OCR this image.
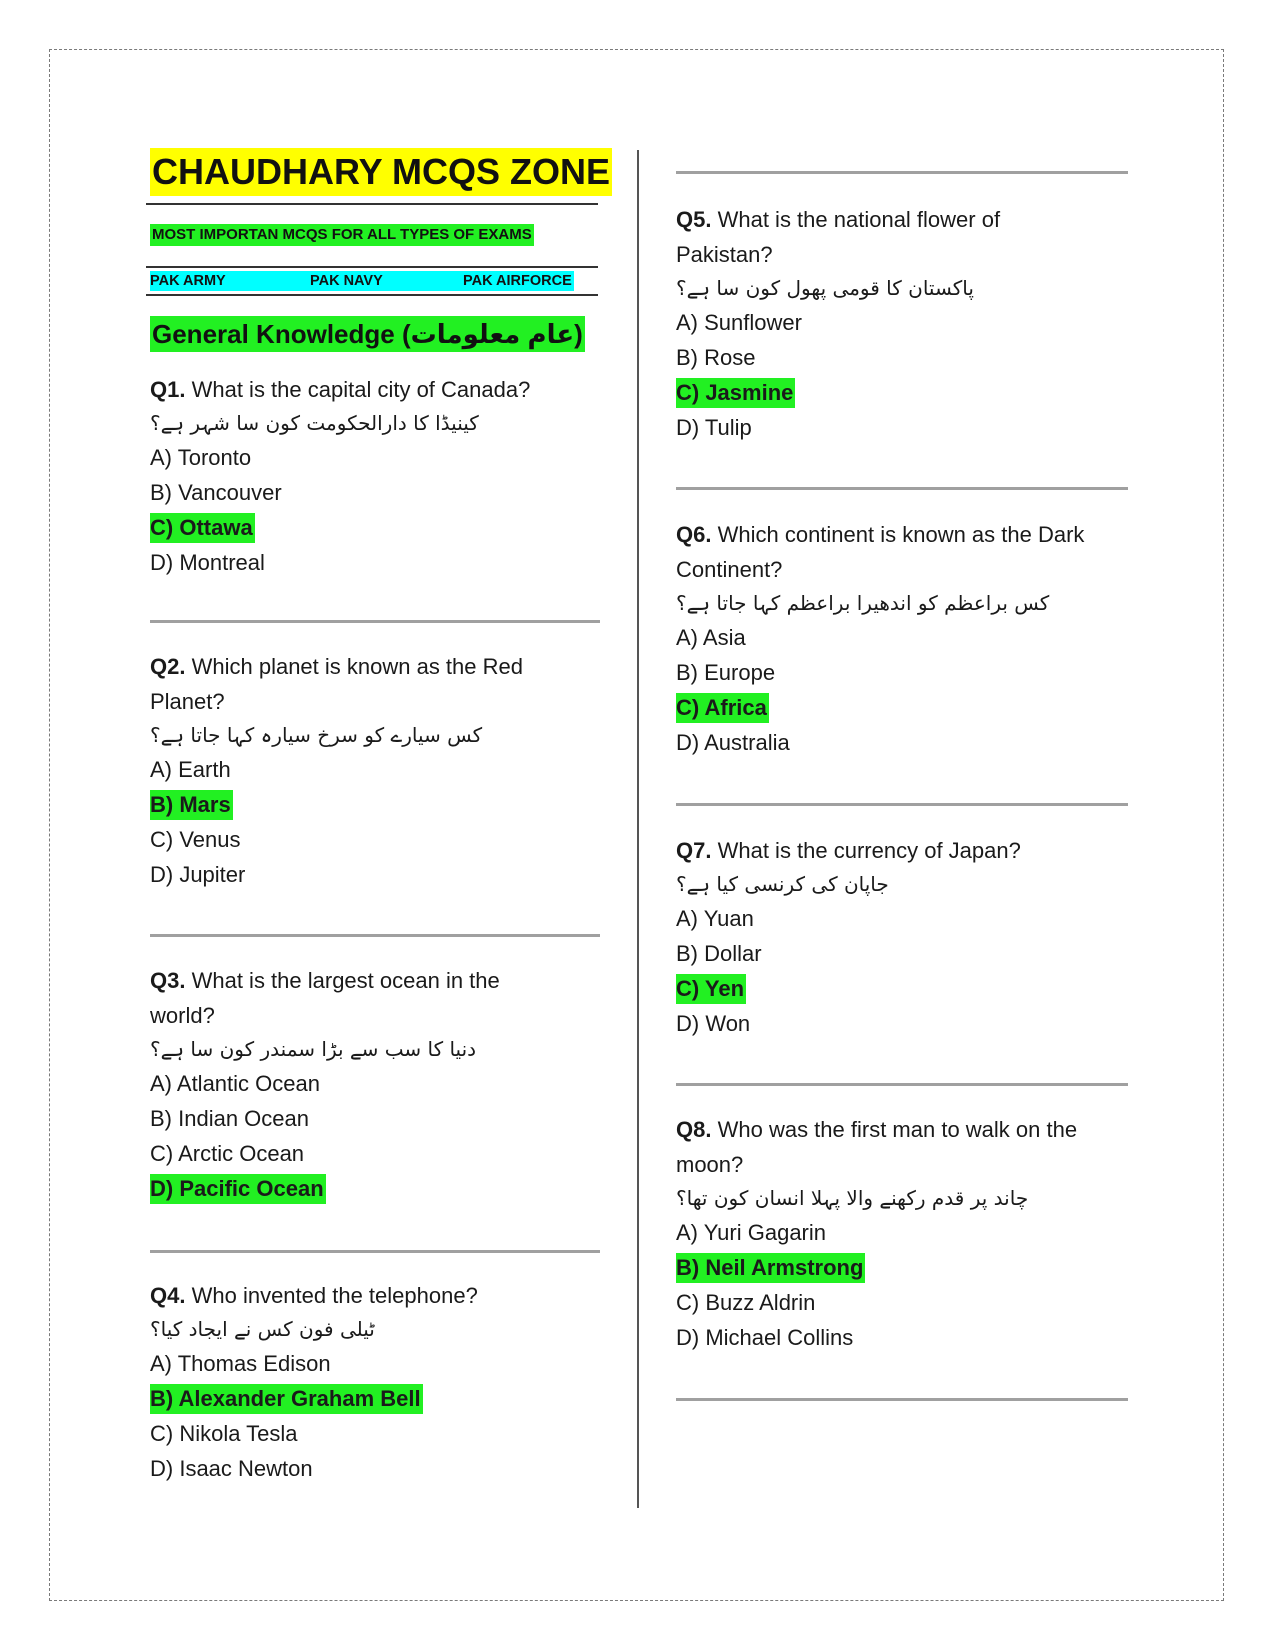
CHAUDHARY MCQS ZONE
MOST IMPORTAN MCQS FOR ALL TYPES OF EXAMS
PAK ARMY	PAK NAVY	PAK AIRFORCE
General Knowledge (عام معلومات)
Q1. What is the capital city of Canada?
کینیڈا کا دارالحکومت کون سا شہر ہے؟
A) Toronto
B) Vancouver
C) Ottawa
D) Montreal
Q2. Which planet is known as the Red
Planet?
کس سیارے کو سرخ سیارہ کہا جاتا ہے؟
A) Earth
B) Mars
C) Venus
D) Jupiter
Q3. What is the largest ocean in the
world?
دنیا کا سب سے بڑا سمندر کون سا ہے؟
A) Atlantic Ocean
B) Indian Ocean
C) Arctic Ocean
D) Pacific Ocean
Q4. Who invented the telephone?
ٹیلی فون کس نے ایجاد کیا؟
A) Thomas Edison
B) Alexander Graham Bell
C) Nikola Tesla
D) Isaac Newton
Q5. What is the national flower of
Pakistan?
پاکستان کا قومی پھول کون سا ہے؟
A) Sunflower
B) Rose
C) Jasmine
D) Tulip
Q6. Which continent is known as the Dark
Continent?
کس براعظم کو اندھیرا براعظم کہا جاتا ہے؟
A) Asia
B) Europe
C) Africa
D) Australia
Q7. What is the currency of Japan?
جاپان کی کرنسی کیا ہے؟
A) Yuan
B) Dollar
C) Yen
D) Won
Q8. Who was the first man to walk on the
moon?
چاند پر قدم رکھنے والا پہلا انسان کون تھا؟
A) Yuri Gagarin
B) Neil Armstrong
C) Buzz Aldrin
D) Michael Collins
